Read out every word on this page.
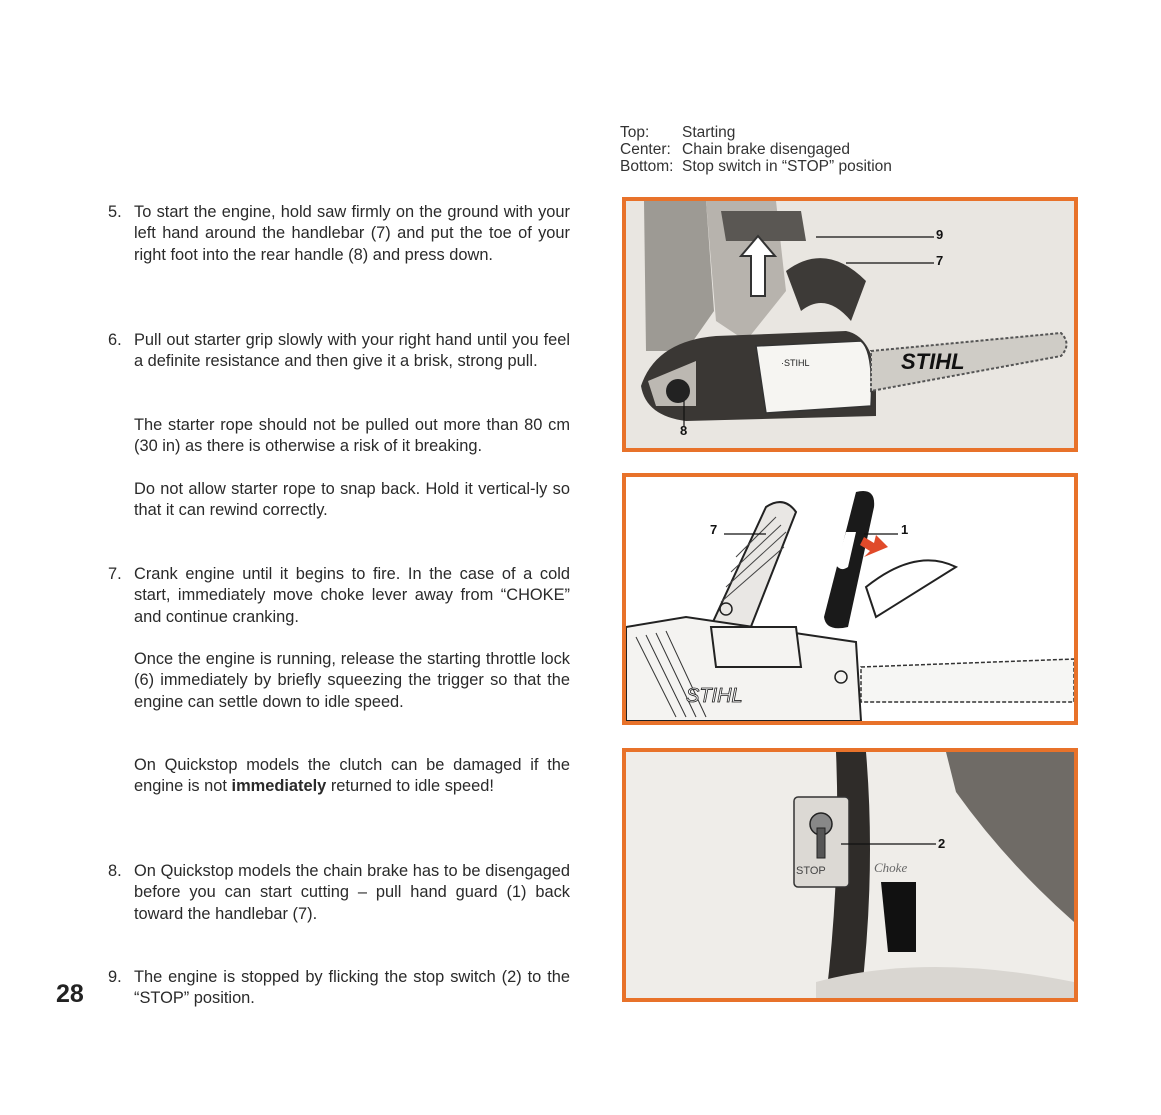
28
Top:	Starting
Center: Chain brake disengaged
Bottom: Stop switch in “STOP” position
5. To start the engine, hold saw firmly on the ground with your left hand around the handlebar (7) and put the toe of your right foot into the rear handle (8) and press down.

6. Pull out starter grip slowly with your right hand until you feel a definite resistance and then give it a brisk, strong pull.

The starter rope should not be pulled out more than 80 cm (30 in) as there is otherwise a risk of it breaking.

Do not allow starter rope to snap back. Hold it vertical-ly so that it can rewind correctly.

7. Crank engine until it begins to fire. In the case of a cold start, immediately move choke lever away from “CHOKE” and continue cranking.

Once the engine is running, release the starting throttle lock (6) immediately by briefly squeezing the trigger so that the engine can settle down to idle speed.

On Quickstop models the clutch can be damaged if the engine is not immediately returned to idle speed!

8. On Quickstop models the chain brake has to be disengaged before you can start cutting – pull hand guard (1) back toward the handlebar (7).

9. The engine is stopped by flicking the stop switch (2) to the “STOP” position.

·STIHL	STIHL
9
7
8
STIHL
7	1
STOP	Choke
2
